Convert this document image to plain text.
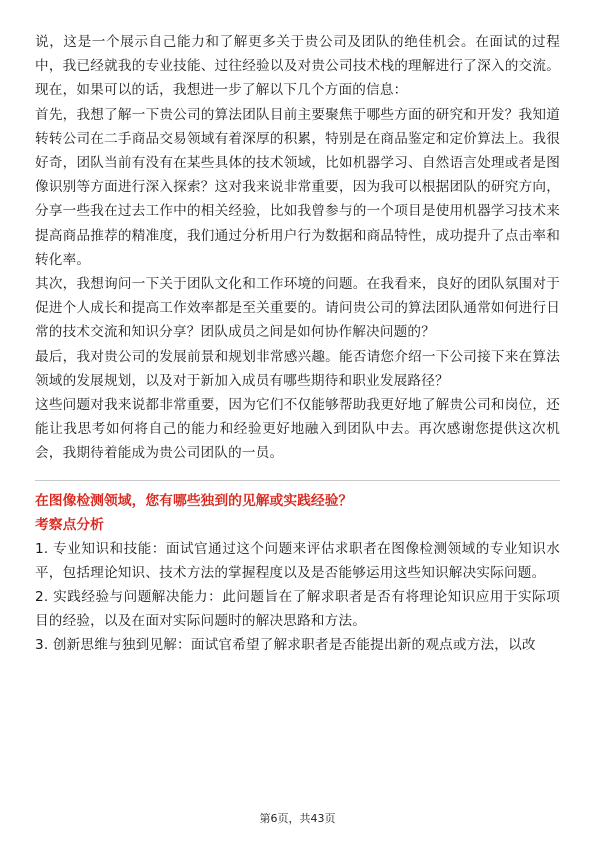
说，这是一个展示自己能力和了解更多关于贵公司及团队的绝佳机会。在面试的过程中，我已经就我的专业技能、过往经验以及对贵公司技术栈的理解进行了深入的交流。现在，如果可以的话，我想进一步了解以下几个方面的信息：

首先，我想了解一下贵公司的算法团队目前主要聚焦于哪些方面的研究和开发？我知道转转公司在二手商品交易领域有着深厚的积累，特别是在商品鉴定和定价算法上。我很好奇，团队当前有没有在某些具体的技术领域，比如机器学习、自然语言处理或者是图像识别等方面进行深入探索？这对我来说非常重要，因为我可以根据团队的研究方向，分享一些我在过去工作中的相关经验，比如我曾参与的一个项目是使用机器学习技术来提高商品推荐的精准度，我们通过分析用户行为数据和商品特性，成功提升了点击率和转化率。

其次，我想询问一下关于团队文化和工作环境的问题。在我看来，良好的团队氛围对于促进个人成长和提高工作效率都是至关重要的。请问贵公司的算法团队通常如何进行日常的技术交流和知识分享？团队成员之间是如何协作解决问题的？

最后，我对贵公司的发展前景和规划非常感兴趣。能否请您介绍一下公司接下来在算法领域的发展规划，以及对于新加入成员有哪些期待和职业发展路径？

这些问题对我来说都非常重要，因为它们不仅能够帮助我更好地了解贵公司和岗位，还能让我思考如何将自己的能力和经验更好地融入到团队中去。再次感谢您提供这次机会，我期待着能成为贵公司团队的一员。

在图像检测领域，您有哪些独到的见解或实践经验？

考察点分析

1. 专业知识和技能：面试官通过这个问题来评估求职者在图像检测领域的专业知识水平，包括理论知识、技术方法的掌握程度以及是否能够运用这些知识解决实际问题。

2. 实践经验与问题解决能力：此问题旨在了解求职者是否有将理论知识应用于实际项目的经验，以及在面对实际问题时的解决思路和方法。

3. 创新思维与独到见解：面试官希望了解求职者是否能提出新的观点或方法，以改

第6页，共43页
